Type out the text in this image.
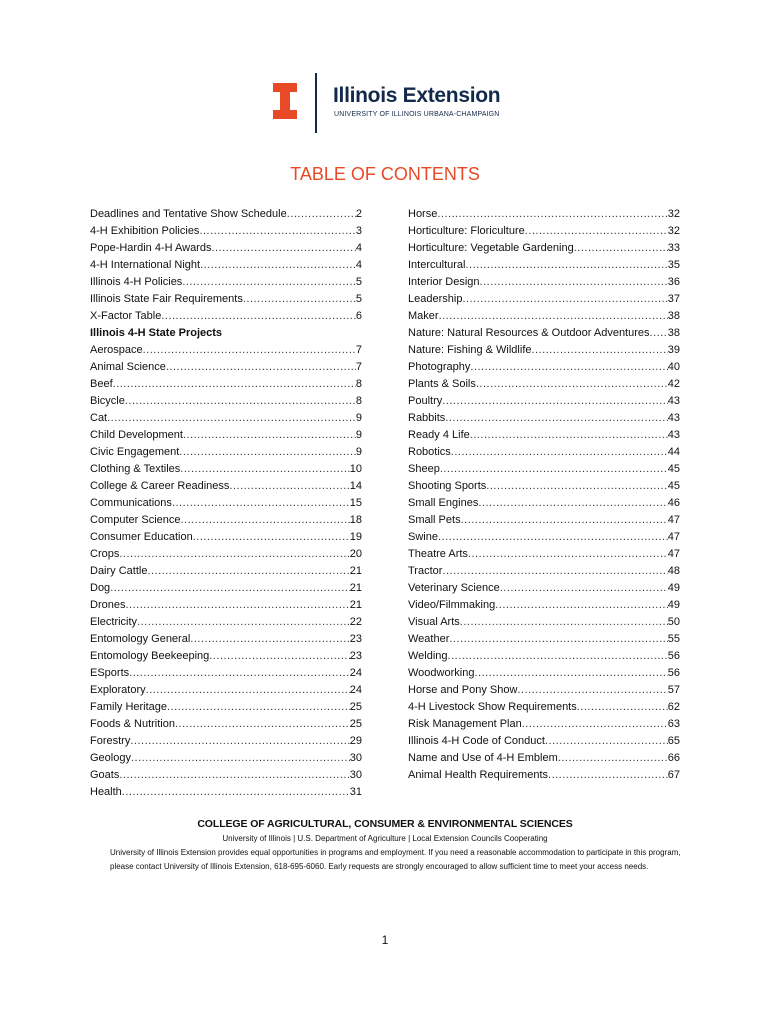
Illinois Extension
UNIVERSITY OF ILLINOIS URBANA-CHAMPAIGN
TABLE OF CONTENTS
Deadlines and Tentative Show Schedule .....	2
4-H Exhibition Policies .....	3
Pope-Hardin 4-H Awards .....	4
4-H International Night .....	4
Illinois 4-H Policies .....	5
Illinois State Fair Requirements .....	5
X-Factor Table .....	6
Illinois 4-H State Projects
Aerospace .....	7
Animal Science .....	7
Beef .....	8
Bicycle .....	8
Cat .....	9
Child Development .....	9
Civic Engagement .....	9
Clothing & Textiles .....	10
College & Career Readiness .....	14
Communications .....	15
Computer Science .....	18
Consumer Education .....	19
Crops .....	20
Dairy Cattle .....	21
Dog .....	21
Drones .....	21
Electricity .....	22
Entomology General .....	23
Entomology Beekeeping .....	23
ESports .....	24
Exploratory .....	24
Family Heritage .....	25
Foods & Nutrition .....	25
Forestry .....	29
Geology .....	30
Goats .....	30
Health .....	31
Horse .....	32
Horticulture: Floriculture .....	32
Horticulture: Vegetable Gardening .....	33
Intercultural .....	35
Interior Design .....	36
Leadership .....	37
Maker .....	38
Nature: Natural Resources & Outdoor Adventures ..... 38
Nature: Fishing & Wildlife .....	39
Photography .....	40
Plants & Soils .....	42
Poultry .....	43
Rabbits .....	43
Ready 4 Life .....	43
Robotics .....	44
Sheep .....	45
Shooting Sports .....	45
Small Engines .....	46
Small Pets .....	47
Swine .....	47
Theatre Arts .....	47
Tractor .....	48
Veterinary Science .....	49
Video/Filmmaking .....	49
Visual Arts .....	50
Weather .....	55
Welding .....	56
Woodworking .....	56
Horse and Pony Show .....	57
4-H Livestock Show Requirements .....	62
Risk Management Plan .....	63
Illinois 4-H Code of Conduct .....	65
Name and Use of 4-H Emblem .....	66
Animal Health Requirements .....	67
COLLEGE OF AGRICULTURAL, CONSUMER & ENVIRONMENTAL SCIENCES
University of Illinois | U.S. Department of Agriculture | Local Extension Councils Cooperating
University of Illinois Extension provides equal opportunities in programs and employment. If you need a reasonable accommodation to participate in this program, please contact University of Illinois Extension, 618-695-6060. Early requests are strongly encouraged to allow sufficient time to meet your access needs.
1
